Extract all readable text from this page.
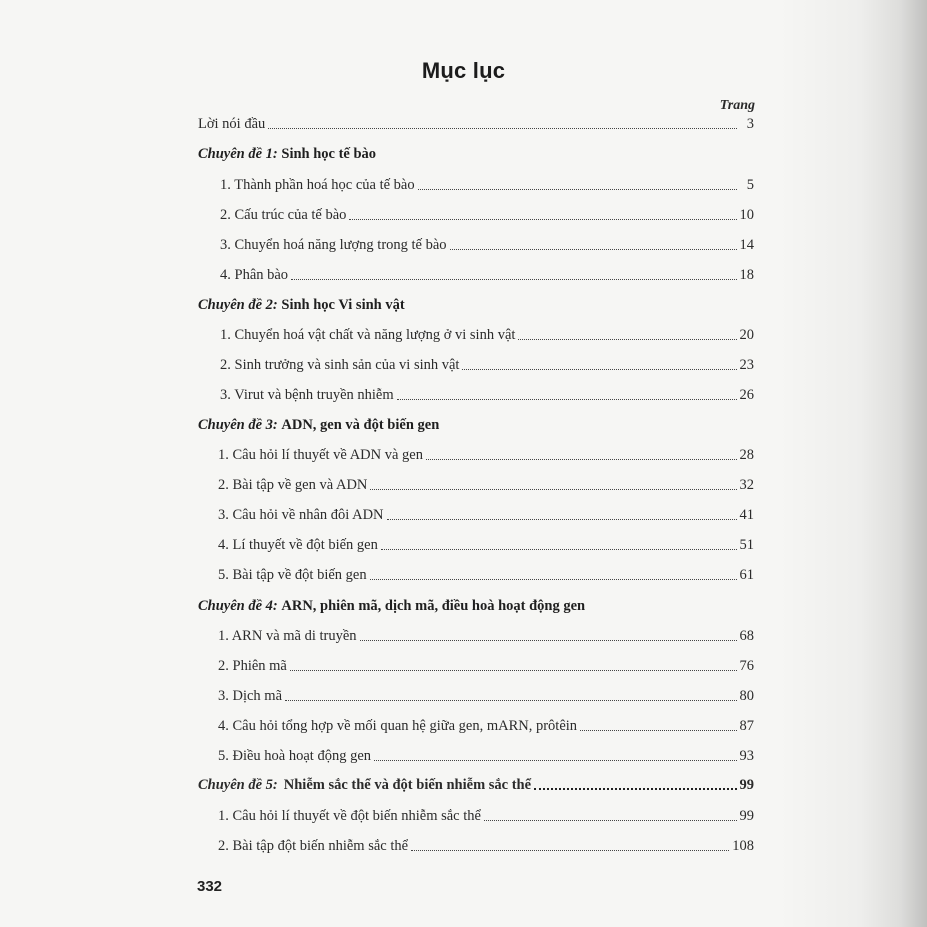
Mục lục
Trang
Lời nói đầu	3
Chuyên đề 1: Sinh học tế bào
1. Thành phần hoá học của tế bào	5
2. Cấu trúc của tế bào	10
3. Chuyển hoá năng lượng trong tế bào	14
4. Phân bào	18
Chuyên đề 2: Sinh học Vi sinh vật
1. Chuyển hoá vật chất và năng lượng ở vi sinh vật	20
2. Sinh trưởng và sinh sản của vi sinh vật	23
3. Virut và bệnh truyền nhiễm	26
Chuyên đề 3: ADN, gen và đột biến gen
1. Câu hỏi lí thuyết về ADN và gen	28
2. Bài tập về gen và ADN	32
3. Câu hỏi về nhân đôi ADN	41
4. Lí thuyết về đột biến gen	51
5. Bài tập về đột biến gen	61
Chuyên đề 4: ARN, phiên mã, dịch mã, điều hoà hoạt động gen
1. ARN và mã di truyền	68
2. Phiên mã	76
3. Dịch mã	80
4. Câu hỏi tổng hợp về mối quan hệ giữa gen, mARN, prôtêin	87
5. Điều hoà hoạt động gen	93
Chuyên đề 5: Nhiễm sắc thể và đột biến nhiễm sắc thể	99
1. Câu hỏi lí thuyết về đột biến nhiễm sắc thể	99
2. Bài tập đột biến nhiễm sắc thể	108
332
